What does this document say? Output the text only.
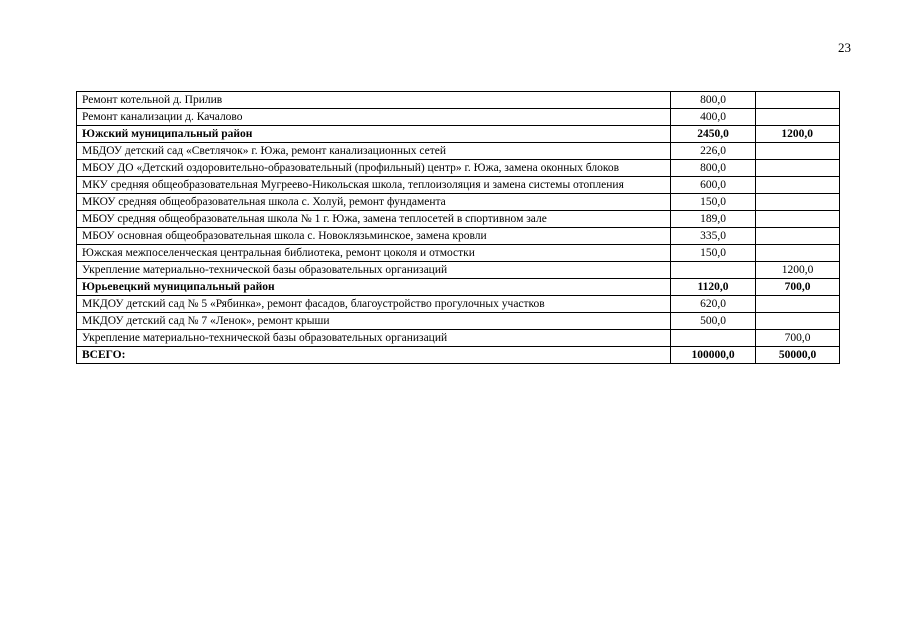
23
Ремонт котельной д. Прилив	800,0	
Ремонт канализации д. Качалово	400,0	
Южский муниципальный район	2450,0	1200,0
МБДОУ детский сад «Светлячок» г. Южа, ремонт канализационных сетей	226,0	
МБОУ ДО «Детский оздоровительно-образовательный (профильный) центр» г. Южа, замена оконных блоков	800,0	
МКУ средняя общеобразовательная Мугреево-Никольская школа, теплоизоляция и замена системы отопления	600,0	
МКОУ средняя общеобразовательная школа с. Холуй, ремонт фундамента	150,0	
МБОУ средняя общеобразовательная школа № 1 г. Южа, замена теплосетей в спортивном зале	189,0	
МБОУ основная общеобразовательная школа с. Новоклязьминское, замена кровли	335,0	
Южская межпоселенческая центральная библиотека, ремонт цоколя и отмостки	150,0	
Укрепление материально-технической базы образовательных организаций		1200,0
Юрьевецкий муниципальный район	1120,0	700,0
МКДОУ детский сад № 5 «Рябинка», ремонт фасадов, благоустройство прогулочных участков	620,0	
МКДОУ детский сад № 7 «Ленок», ремонт крыши	500,0	
Укрепление материально-технической базы образовательных организаций		700,0
ВСЕГО:	100000,0	50000,0
